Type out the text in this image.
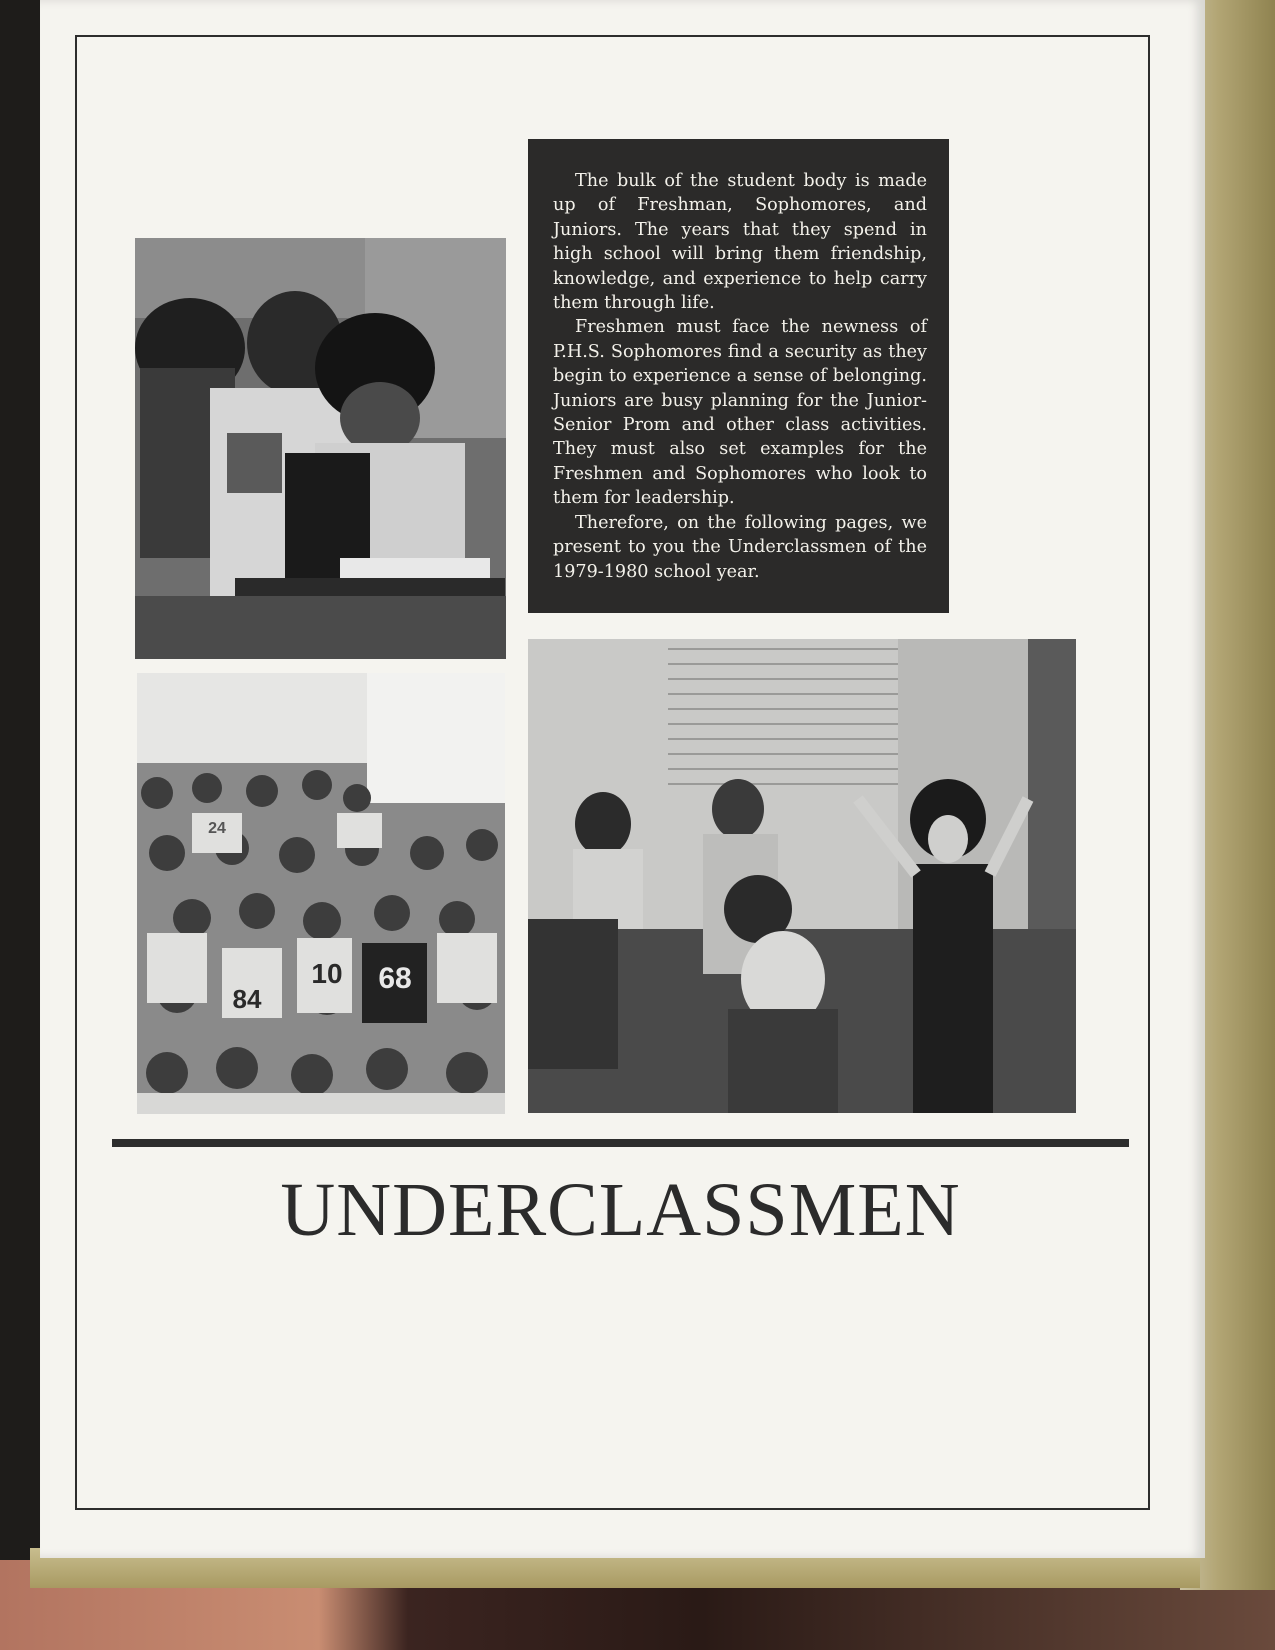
The bulk of the student body is made up of Freshman, Sophomores, and Juniors. The years that they spend in high school will bring them friendship, knowledge, and experience to help carry them through life.

Freshmen must face the newness of P.H.S. Sophomores find a security as they begin to experience a sense of belonging. Juniors are busy planning for the Junior-Senior Prom and other class activities. They must also set examples for the Freshmen and Sophomores who look to them for leadership.

Therefore, on the following pages, we present to you the Underclassmen of the 1979-1980 school year.

84
10 68
24
UNDERCLASSMEN
